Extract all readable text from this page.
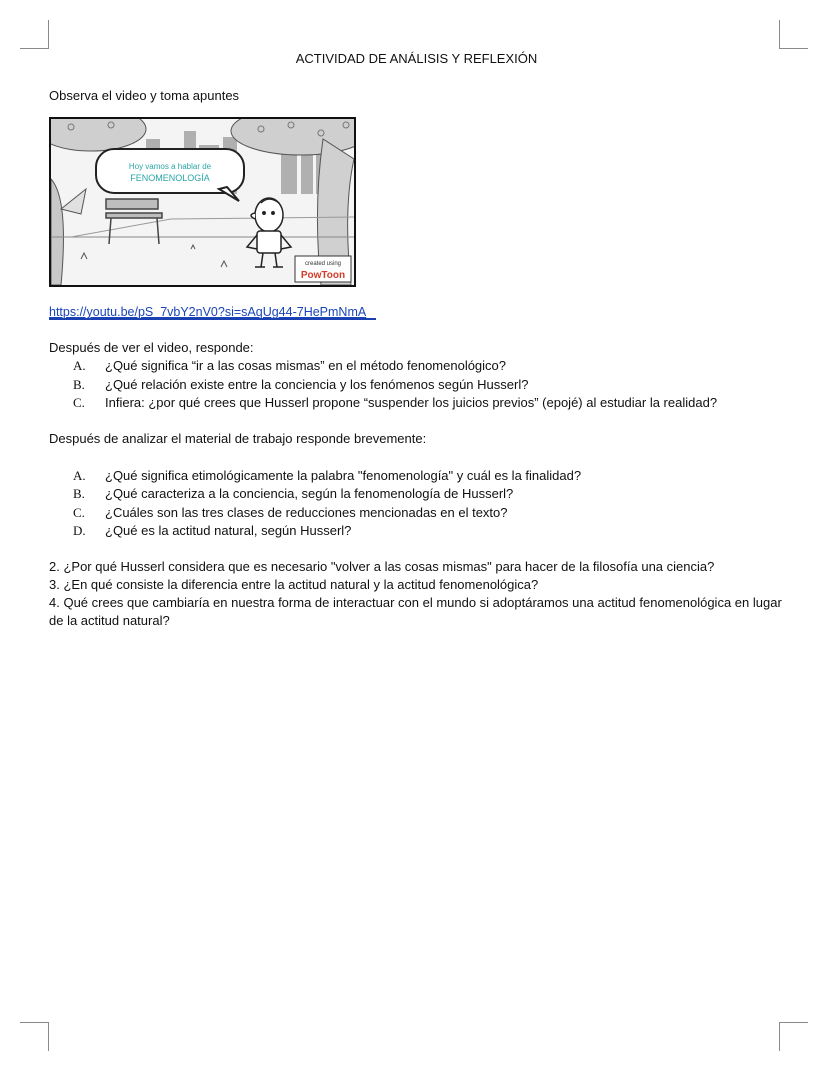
ACTIVIDAD DE ANÁLISIS Y REFLEXIÓN

Observa el video y toma apuntes

Hoy vamos a hablar de
FENOMENOLOGÍA
created using
PowToon
https://youtu.be/pS_7vbY2nV0?si=sAqUg44-7HePmNmA

Después de ver el video, responde:

A. ¿Qué significa “ir a las cosas mismas” en el método fenomenológico?
B. ¿Qué relación existe entre la conciencia y los fenómenos según Husserl?
C. Infiera: ¿por qué crees que Husserl propone “suspender los juicios previos” (epojé) al estudiar la realidad?

Después de analizar el material de trabajo responde brevemente:

A. ¿Qué significa etimológicamente la palabra "fenomenología" y cuál es la finalidad?
B. ¿Qué caracteriza a la conciencia, según la fenomenología de Husserl?
C. ¿Cuáles son las tres clases de reducciones mencionadas en el texto?
D. ¿Qué es la actitud natural, según Husserl?

2. ¿Por qué Husserl considera que es necesario "volver a las cosas mismas" para hacer de la filosofía una ciencia?

3. ¿En qué consiste la diferencia entre la actitud natural y la actitud fenomenológica?

4. Qué crees que cambiaría en nuestra forma de interactuar con el mundo si adoptáramos una actitud fenomenológica en lugar de la actitud natural?
